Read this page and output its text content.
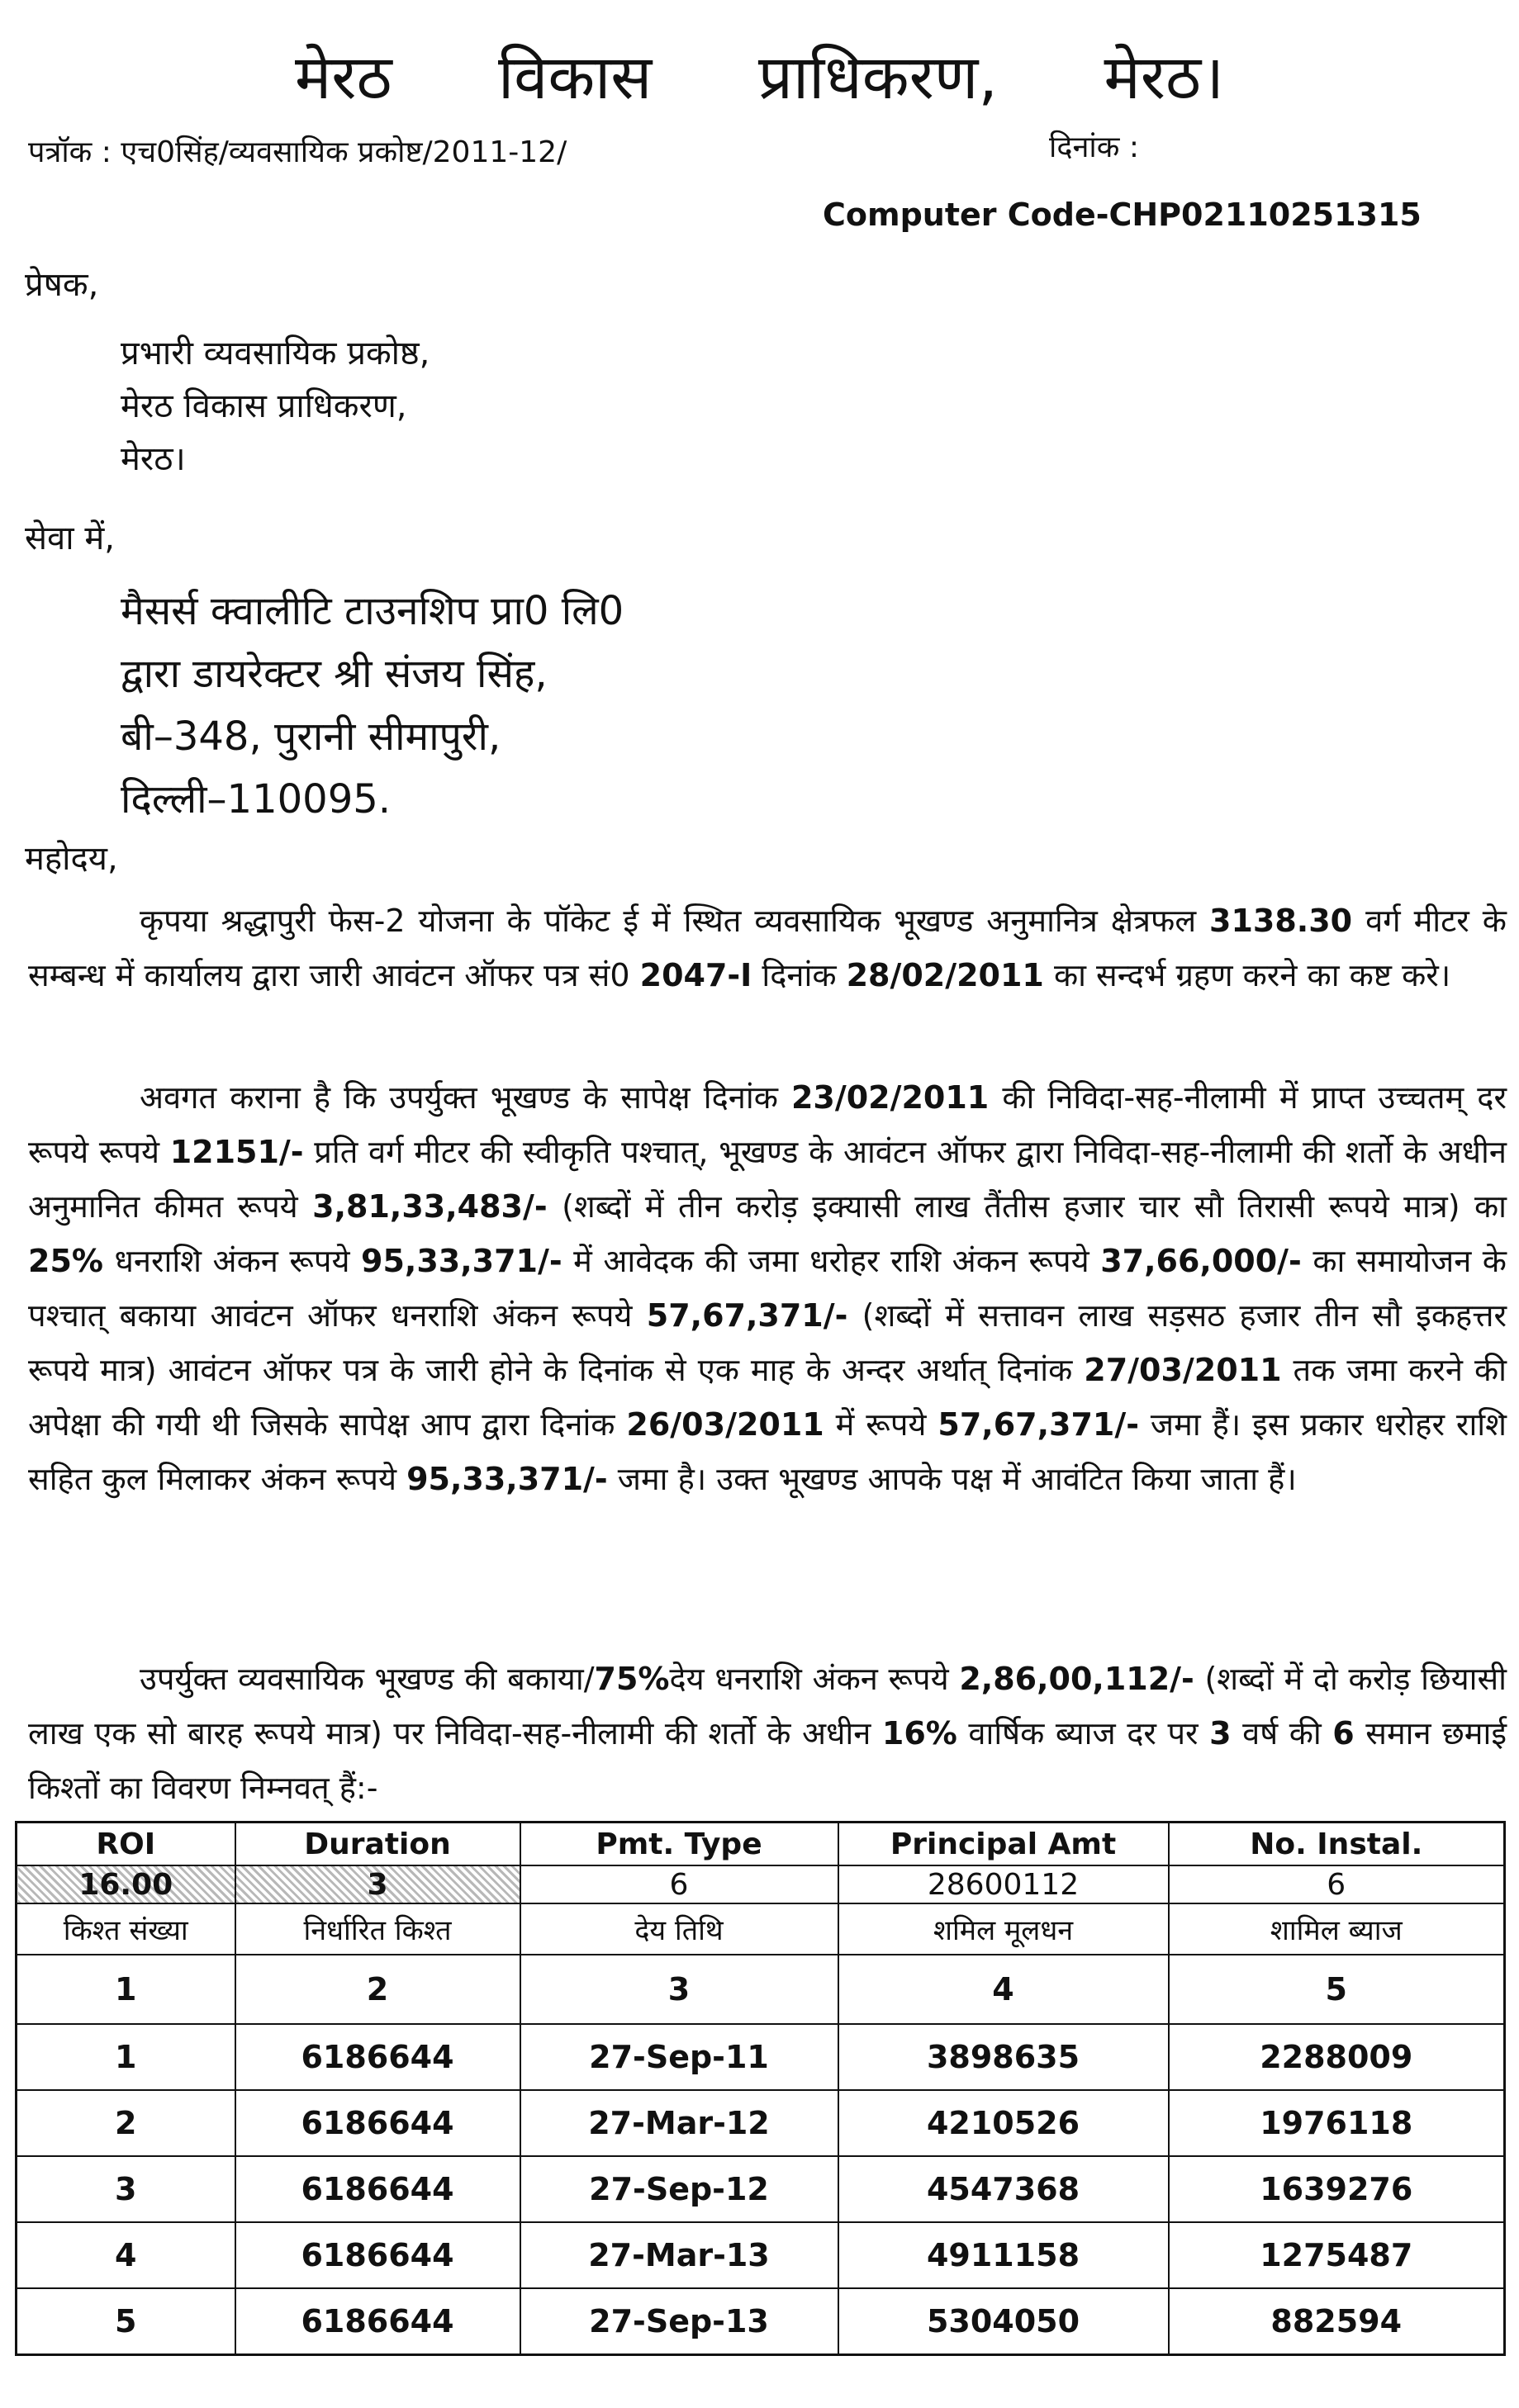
मेरठ विकास प्राधिकरण, मेरठ।
पत्रॉक : एच0सिंह/व्यवसायिक प्रकोष्ट/2011-12/	दिनांक :
Computer Code-CHP02110251315
प्रेषक,
प्रभारी व्यवसायिक प्रकोष्ठ,
मेरठ विकास प्राधिकरण,
मेरठ।
सेवा में,
मैसर्स क्वालीटि टाउनशिप प्रा0 लि0
द्वारा डायरेक्टर श्री संजय सिंह,
बी–348, पुरानी सीमापुरी,
दिल्ली–110095.
महोदय,

कृपया श्रद्धापुरी फेस-2 योजना के पॉकेट ई में स्थित व्यवसायिक भूखण्ड अनुमानित्र क्षेत्रफल 3138.30 वर्ग मीटर के सम्बन्ध में कार्यालय द्वारा जारी आवंटन ऑफर पत्र सं0 2047-I दिनांक 28/02/2011 का सन्दर्भ ग्रहण करने का कष्ट करे।

अवगत कराना है कि उपर्युक्त भूखण्ड के सापेक्ष दिनांक 23/02/2011 की निविदा-सह-नीलामी में प्राप्त उच्चतम् दर रूपये रूपये 12151/- प्रति वर्ग मीटर की स्वीकृति पश्चात्, भूखण्ड के आवंटन ऑफर द्वारा निविदा-सह-नीलामी की शर्तो के अधीन अनुमानित कीमत रूपये 3,81,33,483/- (शब्दों में तीन करोड़ इक्यासी लाख तैंतीस हजार चार सौ तिरासी रूपये मात्र) का 25% धनराशि अंकन रूपये 95,33,371/- में आवेदक की जमा धरोहर राशि अंकन रूपये 37,66,000/- का समायोजन के पश्चात् बकाया आवंटन ऑफर धनराशि अंकन रूपये 57,67,371/- (शब्दों में सत्तावन लाख सड़सठ हजार तीन सौ इकहत्तर रूपये मात्र) आवंटन ऑफर पत्र के जारी होने के दिनांक से एक माह के अन्दर अर्थात् दिनांक 27/03/2011 तक जमा करने की अपेक्षा की गयी थी जिसके सापेक्ष आप द्वारा दिनांक 26/03/2011 में रूपये 57,67,371/- जमा हैं। इस प्रकार धरोहर राशि सहित कुल मिलाकर अंकन रूपये 95,33,371/- जमा है। उक्त भूखण्ड आपके पक्ष में आवंटित किया जाता हैं।

उपर्युक्त व्यवसायिक भूखण्ड की बकाया/75%देय धनराशि अंकन रूपये 2,86,00,112/- (शब्दों में दो करोड़ छियासी लाख एक सो बारह रूपये मात्र) पर निविदा-सह-नीलामी की शर्तो के अधीन 16% वार्षिक ब्याज दर पर 3 वर्ष की 6 समान छमाई किश्तों का विवरण निम्नवत् हैं:-

ROI	Duration	Pmt. Type	Principal Amt	No. Instal.
16.00	3	6	28600112	6
किश्त संख्या	निर्धारित किश्त	देय तिथि	शमिल मूलधन	शामिल ब्याज
1	2	3	4	5
1	6186644	27-Sep-11	3898635	2288009
2	6186644	27-Mar-12	4210526	1976118
3	6186644	27-Sep-12	4547368	1639276
4	6186644	27-Mar-13	4911158	1275487
5	6186644	27-Sep-13	5304050	882594
